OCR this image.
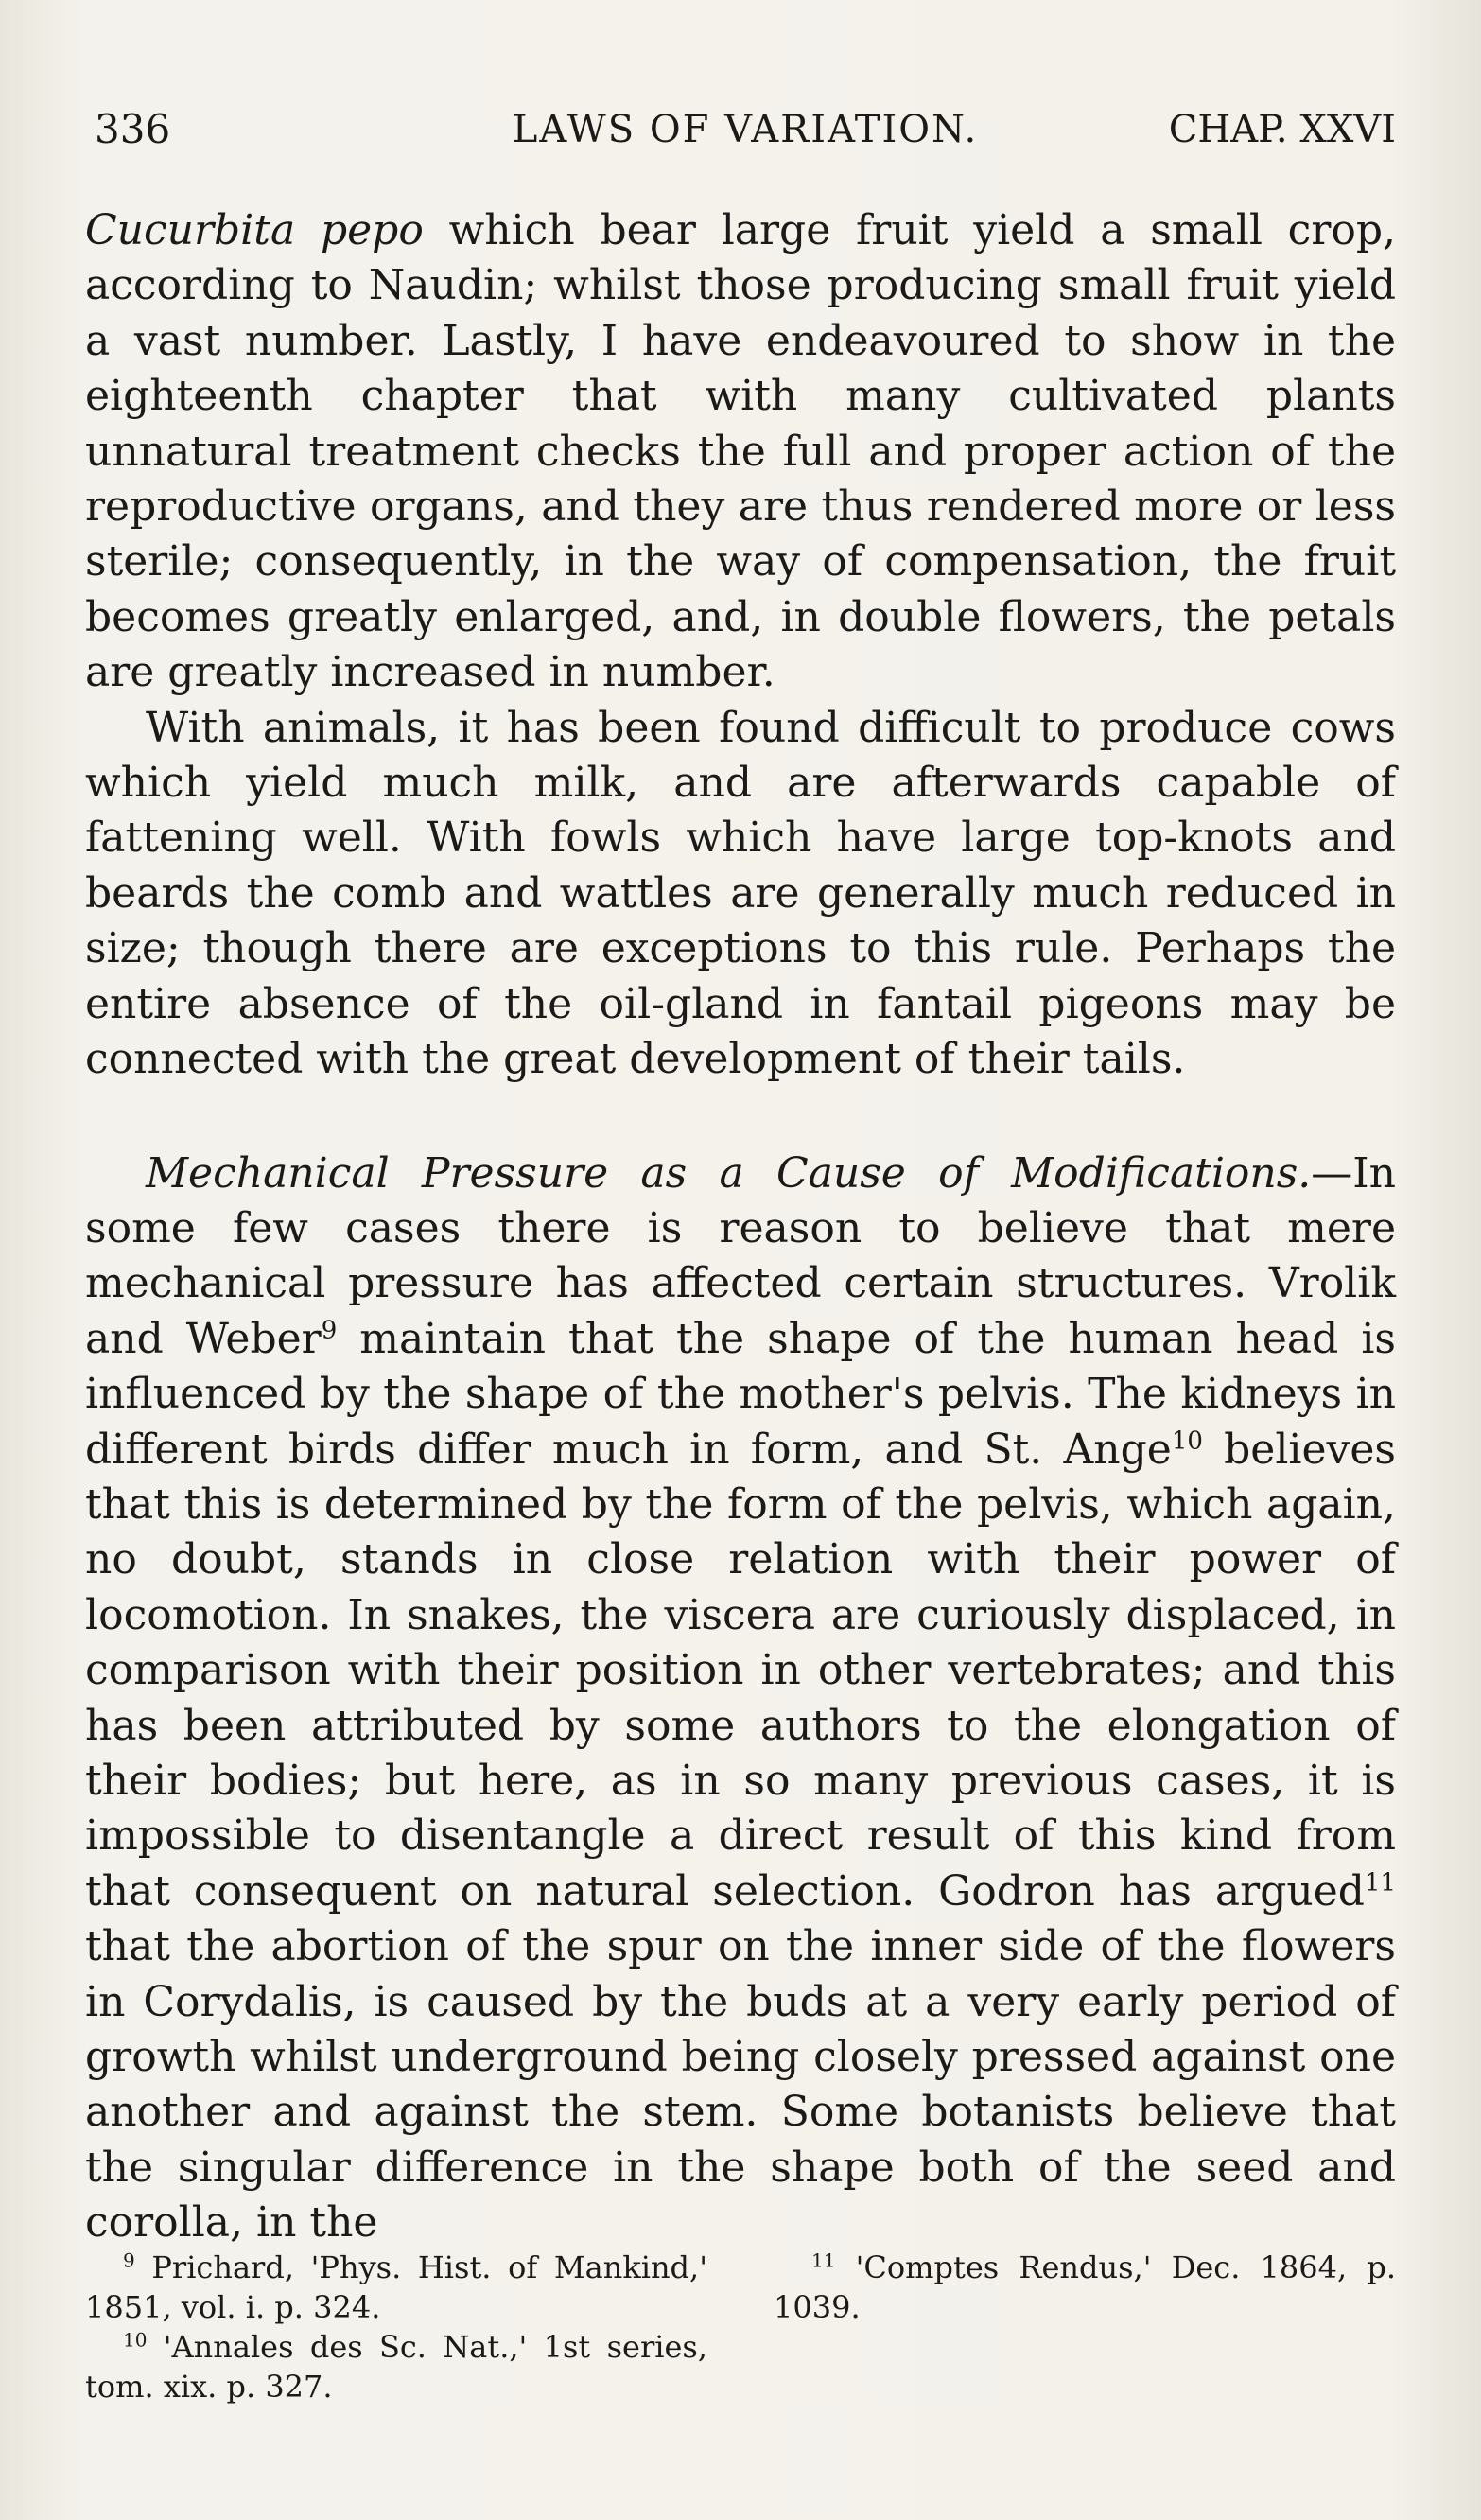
336	LAWS OF VARIATION.	CHAP. XXVI

Cucurbita pepo which bear large fruit yield a small crop, according to Naudin; whilst those producing small fruit yield a vast number. Lastly, I have endeavoured to show in the eighteenth chapter that with many cultivated plants unnatural treatment checks the full and proper action of the reproductive organs, and they are thus rendered more or less sterile; consequently, in the way of compensation, the fruit becomes greatly enlarged, and, in double flowers, the petals are greatly increased in number.

With animals, it has been found difficult to produce cows which yield much milk, and are afterwards capable of fattening well. With fowls which have large top-knots and beards the comb and wattles are generally much reduced in size; though there are exceptions to this rule. Perhaps the entire absence of the oil-gland in fantail pigeons may be connected with the great development of their tails.

Mechanical Pressure as a Cause of Modifications.—In some few cases there is reason to believe that mere mechanical pressure has affected certain structures. Vrolik and Weber$^9$ maintain that the shape of the human head is influenced by the shape of the mother's pelvis. The kidneys in different birds differ much in form, and St. Ange$^{10}$ believes that this is determined by the form of the pelvis, which again, no doubt, stands in close relation with their power of locomotion. In snakes, the viscera are curiously displaced, in comparison with their position in other vertebrates; and this has been attributed by some authors to the elongation of their bodies; but here, as in so many previous cases, it is impossible to disentangle a direct result of this kind from that consequent on natural selection. Godron has argued$^{11}$ that the abortion of the spur on the inner side of the flowers in Corydalis, is caused by the buds at a very early period of growth whilst underground being closely pressed against one another and against the stem. Some botanists believe that the singular difference in the shape both of the seed and corolla, in the

$^9$ Prichard, 'Phys. Hist. of Mankind,' 1851, vol. i. p. 324.

$^{10}$ 'Annales des Sc. Nat.,' 1st series, tom. xix. p. 327.

$^{11}$ 'Comptes Rendus,' Dec. 1864, p. 1039.
